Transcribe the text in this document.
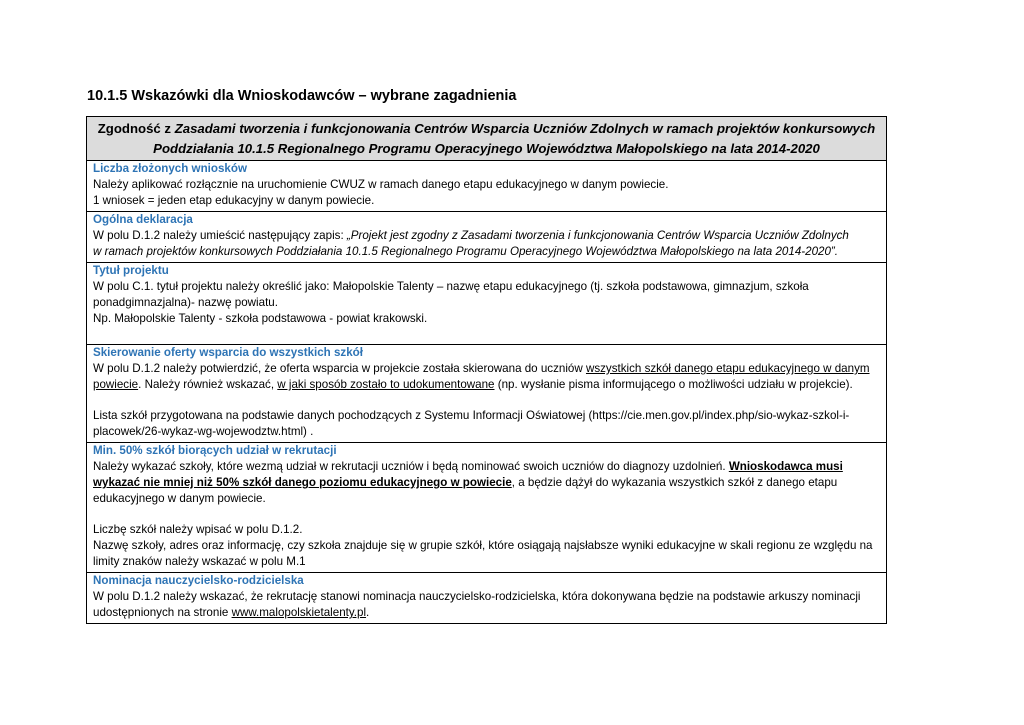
10.1.5 Wskazówki dla Wnioskodawców – wybrane zagadnienia
Zgodność z Zasadami tworzenia i funkcjonowania Centrów Wsparcia Uczniów Zdolnych w ramach projektów konkursowych
Poddziałania 10.1.5 Regionalnego Programu Operacyjnego Województwa Małopolskiego na lata 2014-2020
Liczba złożonych wniosków
Należy aplikować rozłącznie na uruchomienie CWUZ w ramach danego etapu edukacyjnego w danym powiecie.
1 wniosek = jeden etap edukacyjny w danym powiecie.
Ogólna deklaracja
W polu D.1.2 należy umieścić następujący zapis: „Projekt jest zgodny z Zasadami tworzenia i funkcjonowania Centrów Wsparcia Uczniów Zdolnych
w ramach projektów konkursowych Poddziałania 10.1.5 Regionalnego Programu Operacyjnego Województwa Małopolskiego na lata 2014-2020”.
Tytuł projektu
W polu C.1. tytuł projektu należy określić jako: Małopolskie Talenty – nazwę etapu edukacyjnego (tj. szkoła podstawowa, gimnazjum, szkoła
ponadgimnazjalna)- nazwę powiatu.
Np. Małopolskie Talenty - szkoła podstawowa - powiat krakowski.
Skierowanie oferty wsparcia do wszystkich szkół
W polu D.1.2 należy potwierdzić, że oferta wsparcia w projekcie została skierowana do uczniów wszystkich szkół danego etapu edukacyjnego w danym
powiecie. Należy również wskazać, w jaki sposób zostało to udokumentowane (np. wysłanie pisma informującego o możliwości udziału w projekcie).
Lista szkół przygotowana na podstawie danych pochodzących z Systemu Informacji Oświatowej (https://cie.men.gov.pl/index.php/sio-wykaz-szkol-i-
placowek/26-wykaz-wg-wojewodztw.html) .
Min. 50% szkół biorących udział w rekrutacji
Należy wykazać szkoły, które wezmą udział w rekrutacji uczniów i będą nominować swoich uczniów do diagnozy uzdolnień. Wnioskodawca musi
wykazać nie mniej niż 50% szkół danego poziomu edukacyjnego w powiecie, a będzie dążył do wykazania wszystkich szkół z danego etapu
edukacyjnego w danym powiecie.
Liczbę szkół należy wpisać w polu D.1.2.
Nazwę szkoły, adres oraz informację, czy szkoła znajduje się w grupie szkół, które osiągają najsłabsze wyniki edukacyjne w skali regionu ze względu na
limity znaków należy wskazać w polu M.1
Nominacja nauczycielsko-rodzicielska
W polu D.1.2 należy wskazać, że rekrutację stanowi nominacja nauczycielsko-rodzicielska, która dokonywana będzie na podstawie arkuszy nominacji
udostępnionych na stronie www.malopolskietalenty.pl.
